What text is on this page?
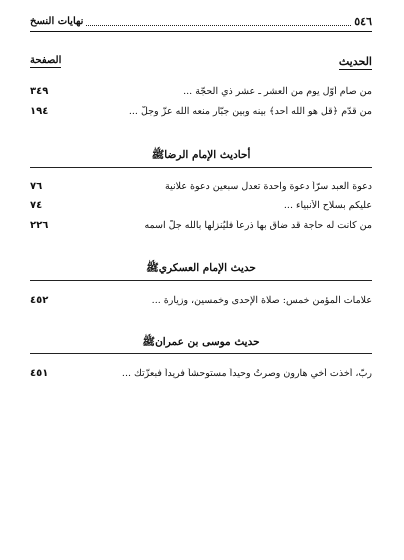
٥٤٦
نهايات النسخ
الحديث
الصفحة
من صام أوّل يوم من العشر ـ عشر ذي الحجّة ...
٣٤٩
من قدّم ﴿قل هو الله أحد﴾ بينه وبين جبّار منعه الله عزّ وجلّ ...
١٩٤
أحاديث الإمام الرضاﷺ
دعوة العبد سرّاً دعوة واحدة تعدل سبعين دعوة علانية
٧٦
عليكم بسلاح الأنبياء ...
٧٤
من كانت له حاجة قد ضاق بها ذرعاً فليُنزلها بالله جلّ اسمه
٢٢٦
حديث الإمام العسكريﷺ
علامات المؤمن خمس: صلاة الإحدى وخمسين، وزيارة ...
٤٥٢
حديث موسى بن عمرانﷺ
ربّ، أخذت أخي هارون وصرتُ وحيداً مستوحشاً فريداً فبعزّتك ...
٤٥١
